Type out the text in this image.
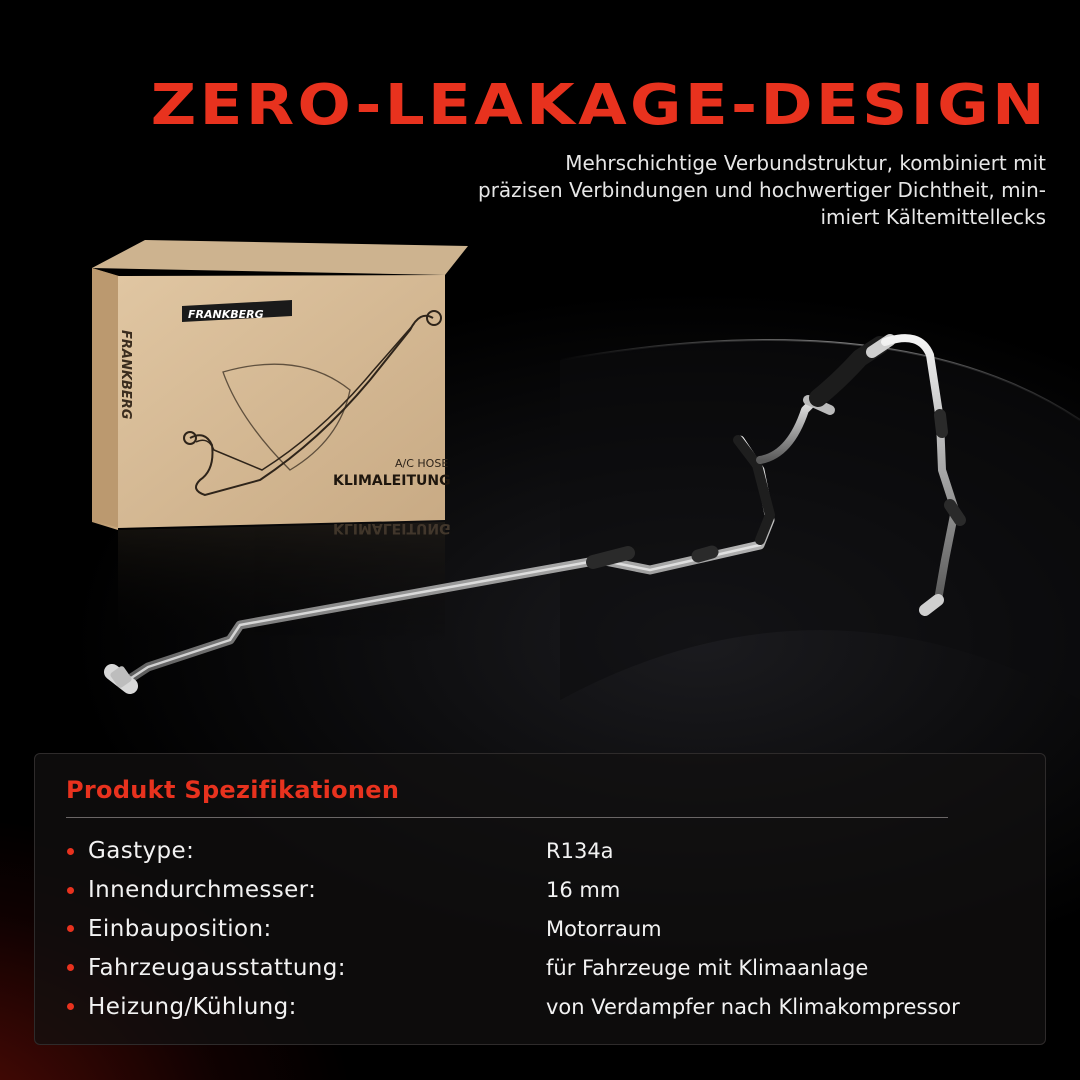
ZERO-LEAKAGE-DESIGN
Mehrschichtige Verbundstruktur, kombiniert mit
präzisen Verbindungen und hochwertiger Dichtheit, min-
imiert Kältemittellecks
FRANKBERG
FRANKBERG
A/C HOSE
KLIMALEITUNG
KLIMALEITUNG
Produkt Spezifikationen
Gastype:	R134a
Innendurchmesser:	16 mm
Einbauposition:	Motorraum
Fahrzeugausstattung:	für Fahrzeuge mit Klimaanlage
Heizung/Kühlung:	von Verdampfer nach Klimakompressor
